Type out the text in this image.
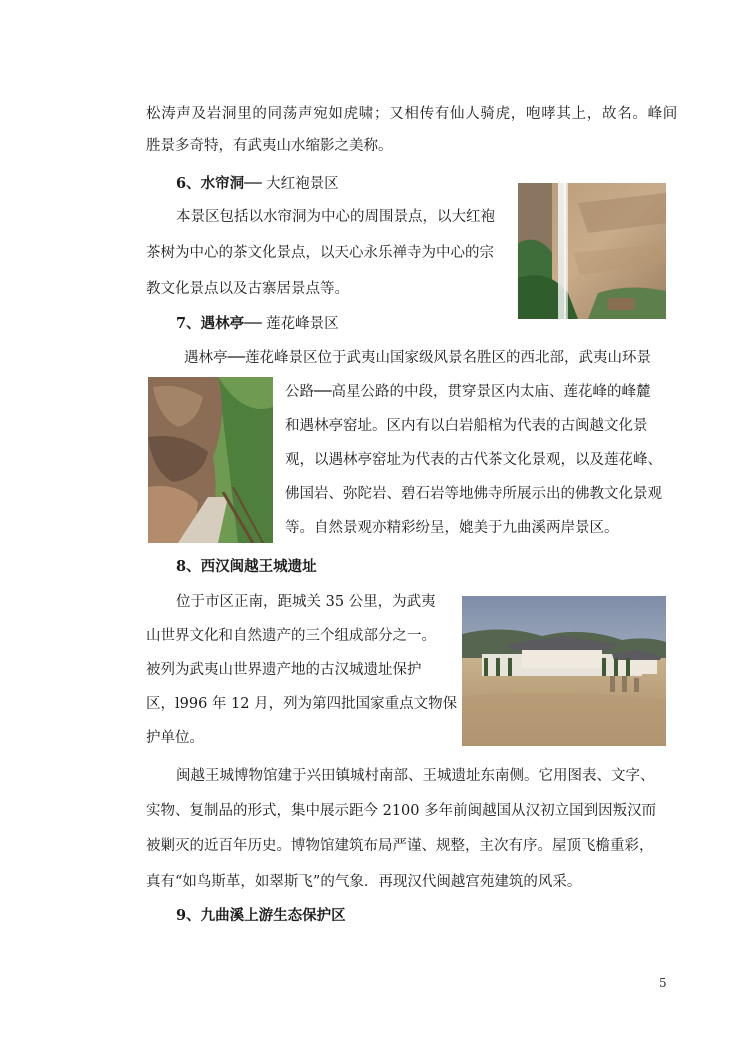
松涛声及岩洞里的同荡声宛如虎啸；又相传有仙人骑虎，咆哮其上，故名。峰间
胜景多奇特，有武夷山水缩影之美称。
6、水帘洞── 大红袍景区
本景区包括以水帘洞为中心的周围景点，以大红袍
茶树为中心的茶文化景点，以天心永乐禅寺为中心的宗
教文化景点以及古寨居景点等。
7、遇林亭── 莲花峰景区
遇林亭──莲花峰景区位于武夷山国家级风景名胜区的西北部，武夷山环景
公路──高星公路的中段，贯穿景区内太庙、莲花峰的峰麓
和遇林亭窑址。区内有以白岩船棺为代表的古闽越文化景
观，以遇林亭窑址为代表的古代茶文化景观，以及莲花峰、
佛国岩、弥陀岩、碧石岩等地佛寺所展示出的佛教文化景观
等。自然景观亦精彩纷呈，媲美于九曲溪两岸景区。
8、西汉闽越王城遗址
位于市区正南，距城关 35 公里，为武夷
山世界文化和自然遗产的三个组成部分之一。
被列为武夷山世界遗产地的古汉城遗址保护
区，l996 年 12 月，列为第四批国家重点文物保
护单位。
闽越王城博物馆建于兴田镇城村南部、王城遗址东南侧。它用图表、文字、
实物、复制品的形式，集中展示距今 2100 多年前闽越国从汉初立国到因叛汉而
被剿灭的近百年历史。博物馆建筑布局严谨、规整，主次有序。屋顶飞檐重彩，
真有“如鸟斯革，如翠斯飞”的气象．再现汉代闽越宫苑建筑的风采。
9、九曲溪上游生态保护区
5
